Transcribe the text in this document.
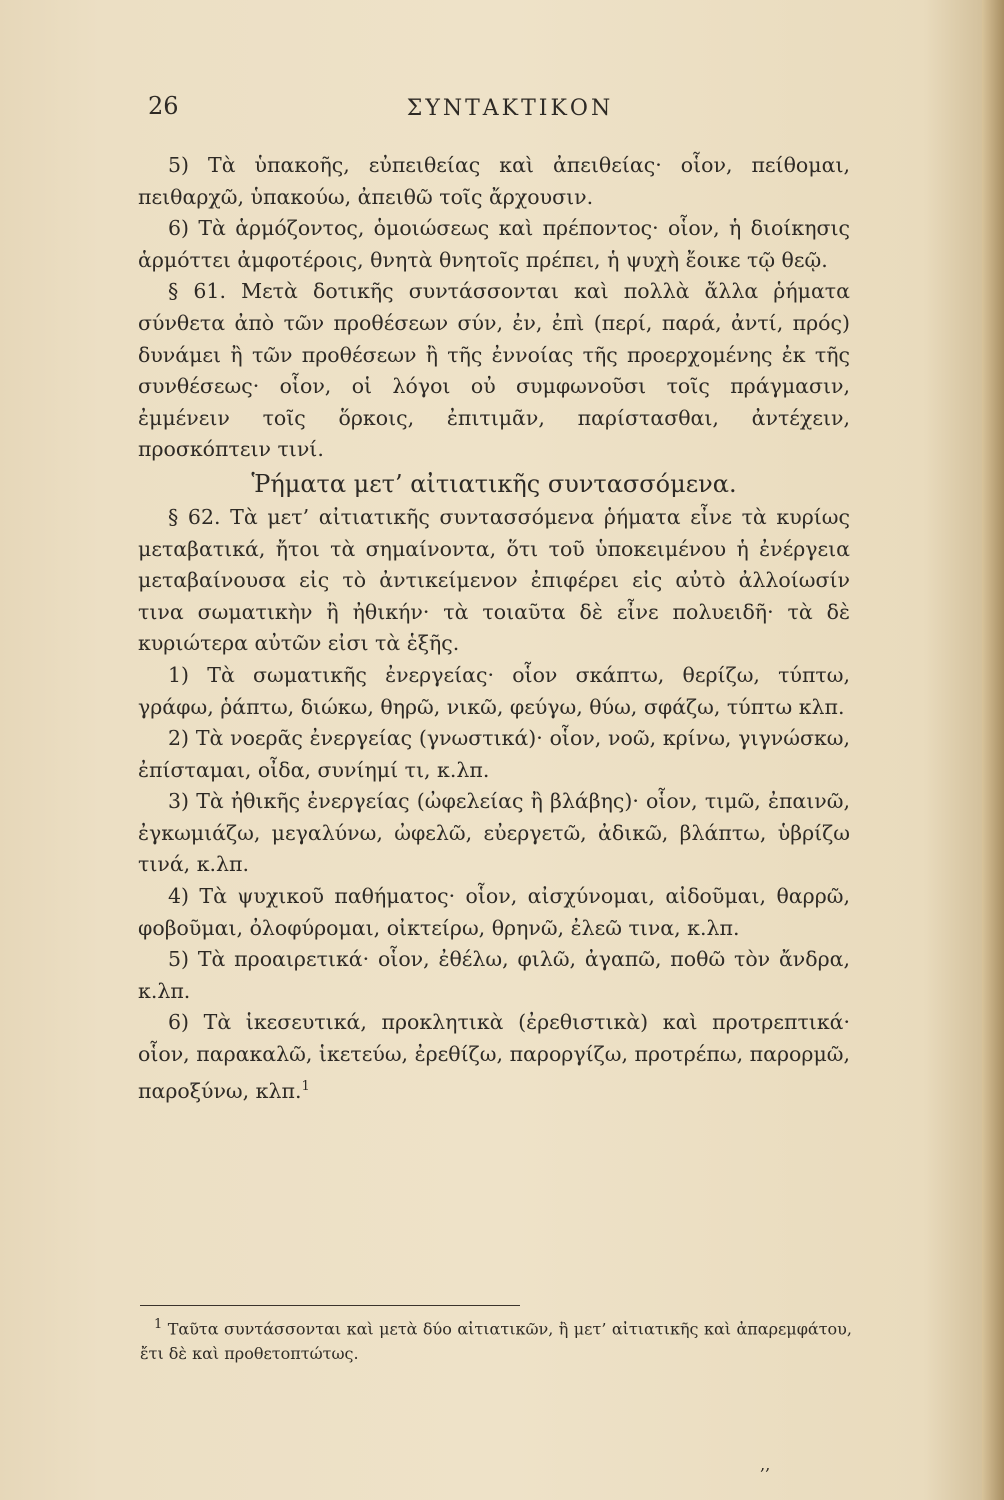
26	ΣΥΝΤΑΚΤΙΚΟΝ

5) Τὰ ὑπακοῆς, εὐπειθείας καὶ ἀπειθείας· οἷον, πείθομαι, πειθαρχῶ, ὑπακούω, ἀπειθῶ τοῖς ἄρχουσιν.

6) Τὰ ἁρμόζοντος, ὁμοιώσεως καὶ πρέποντος· οἷον, ἡ διοίκησις ἁρμόττει ἀμφοτέροις, θνητὰ θνητοῖς πρέπει, ἡ ψυχὴ ἔοικε τῷ θεῷ.

§ 61. Μετὰ δοτικῆς συντάσσονται καὶ πολλὰ ἄλλα ῥήματα σύνθετα ἀπὸ τῶν προθέσεων σύν, ἐν, ἐπὶ (περί, παρά, ἀντί, πρός) δυνάμει ἢ τῶν προθέσεων ἢ τῆς ἐννοίας τῆς προερχομένης ἐκ τῆς συνθέσεως· οἷον, οἱ λόγοι οὐ συμφωνοῦσι τοῖς πράγμασιν, ἐμμένειν τοῖς ὅρκοις, ἐπιτιμᾶν, παρίστασθαι, ἀντέχειν, προσκόπτειν τινί.

Ῥήματα μετ’ αἰτιατικῆς συντασσόμενα.

§ 62. Τὰ μετ’ αἰτιατικῆς συντασσόμενα ῥήματα εἶνε τὰ κυρίως μεταβατικά, ἤτοι τὰ σημαίνοντα, ὅτι τοῦ ὑποκειμένου ἡ ἐνέργεια μεταβαίνουσα εἰς τὸ ἀντικείμενον ἐπιφέρει εἰς αὐτὸ ἀλλοίωσίν τινα σωματικὴν ἢ ἠθικήν· τὰ τοιαῦτα δὲ εἶνε πολυειδῆ· τὰ δὲ κυριώτερα αὐτῶν εἰσι τὰ ἑξῆς.

1) Τὰ σωματικῆς ἐνεργείας· οἷον σκάπτω, θερίζω, τύπτω, γράφω, ῥάπτω, διώκω, θηρῶ, νικῶ, φεύγω, θύω, σφάζω, τύπτω κλπ.

2) Τὰ νοερᾶς ἐνεργείας (γνωστικά)· οἷον, νοῶ, κρίνω, γιγνώσκω, ἐπίσταμαι, οἶδα, συνίημί τι, κ.λπ.

3) Τὰ ἠθικῆς ἐνεργείας (ὠφελείας ἢ βλάβης)· οἷον, τιμῶ, ἐπαινῶ, ἐγκωμιάζω, μεγαλύνω, ὠφελῶ, εὐεργετῶ, ἀδικῶ, βλάπτω, ὑβρίζω τινά, κ.λπ.

4) Τὰ ψυχικοῦ παθήματος· οἷον, αἰσχύνομαι, αἰδοῦμαι, θαρρῶ, φοβοῦμαι, ὀλοφύρομαι, οἰκτείρω, θρηνῶ, ἐλεῶ τινα, κ.λπ.

5) Τὰ προαιρετικά· οἷον, ἐθέλω, φιλῶ, ἀγαπῶ, ποθῶ τὸν ἄνδρα, κ.λπ.

6) Τὰ ἱκεσευτικά, προκλητικὰ (ἐρεθιστικὰ) καὶ προτρεπτικά· οἷον, παρακαλῶ, ἱκετεύω, ἐρεθίζω, παροργίζω, προτρέπω, παρορμῶ, παροξύνω, κλπ.$^1$

$^1$ Ταῦτα συντάσσονται καὶ μετὰ δύο αἰτιατικῶν, ἢ μετ’ αἰτιατικῆς καὶ ἀπαρεμφάτου, ἔτι δὲ καὶ προθετοπτώτως.

‚‚
